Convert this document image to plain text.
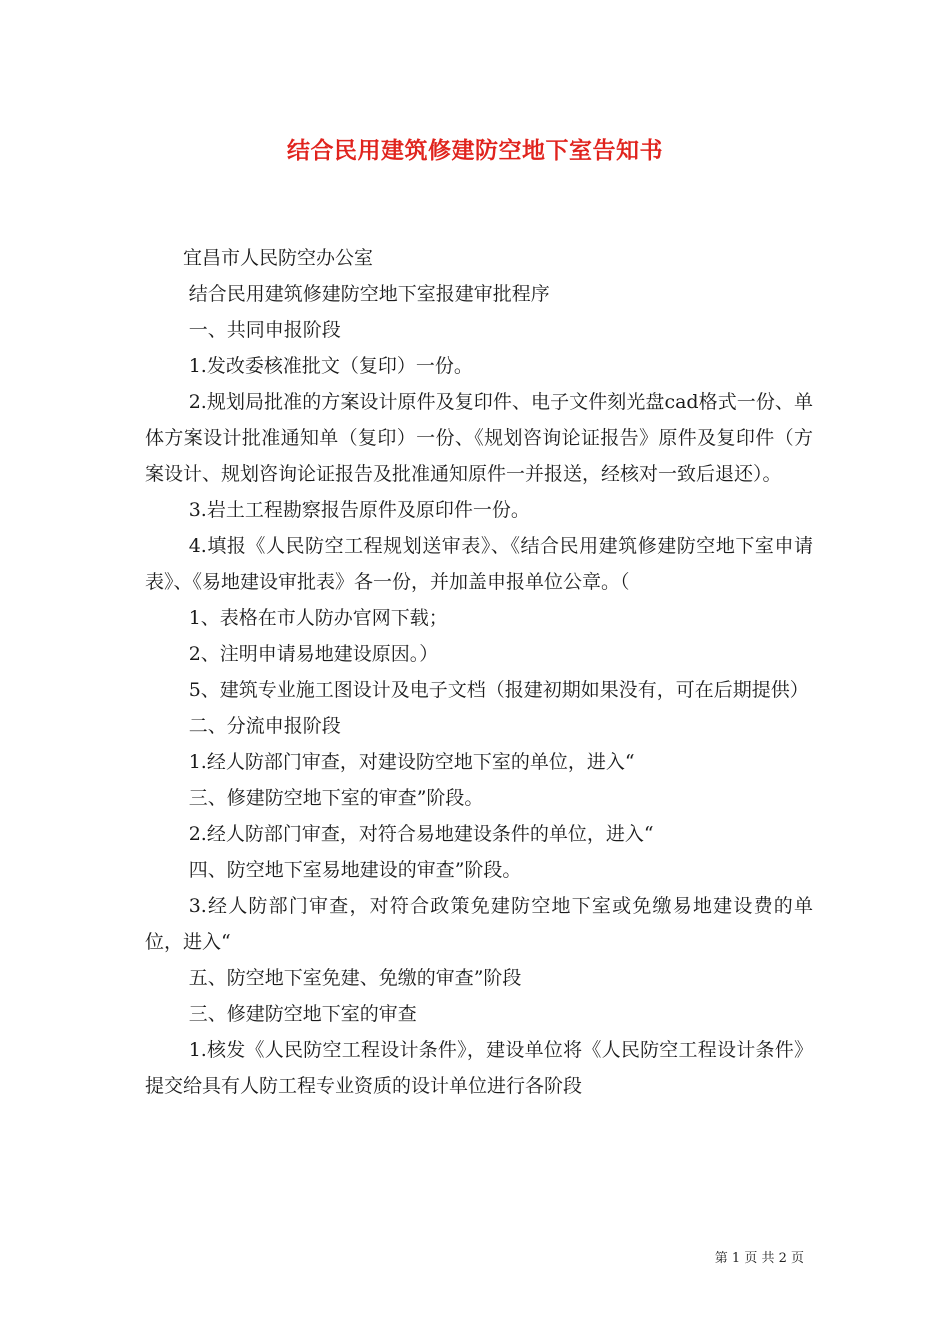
结合民用建筑修建防空地下室告知书

宜昌市人民防空办公室

结合民用建筑修建防空地下室报建审批程序

一、共同申报阶段

1.发改委核准批文（复印）一份。

2.规划局批准的方案设计原件及复印件、电子文件刻光盘cad格式一份、单体方案设计批准通知单（复印）一份、《规划咨询论证报告》原件及复印件（方案设计、规划咨询论证报告及批准通知原件一并报送，经核对一致后退还）。

3.岩土工程勘察报告原件及原印件一份。

4.填报《人民防空工程规划送审表》、《结合民用建筑修建防空地下室申请表》、《易地建设审批表》各一份，并加盖申报单位公章。（

1、表格在市人防办官网下载；

2、注明申请易地建设原因。）

5、建筑专业施工图设计及电子文档（报建初期如果没有，可在后期提供）

二、分流申报阶段

1.经人防部门审查，对建设防空地下室的单位，进入“

三、修建防空地下室的审查”阶段。

2.经人防部门审查，对符合易地建设条件的单位，进入“

四、防空地下室易地建设的审查”阶段。

3.经人防部门审查，对符合政策免建防空地下室或免缴易地建设费的单位，进入“

五、防空地下室免建、免缴的审查”阶段

三、修建防空地下室的审查

1.核发《人民防空工程设计条件》，建设单位将《人民防空工程设计条件》提交给具有人防工程专业资质的设计单位进行各阶段

第 1 页 共 2 页
